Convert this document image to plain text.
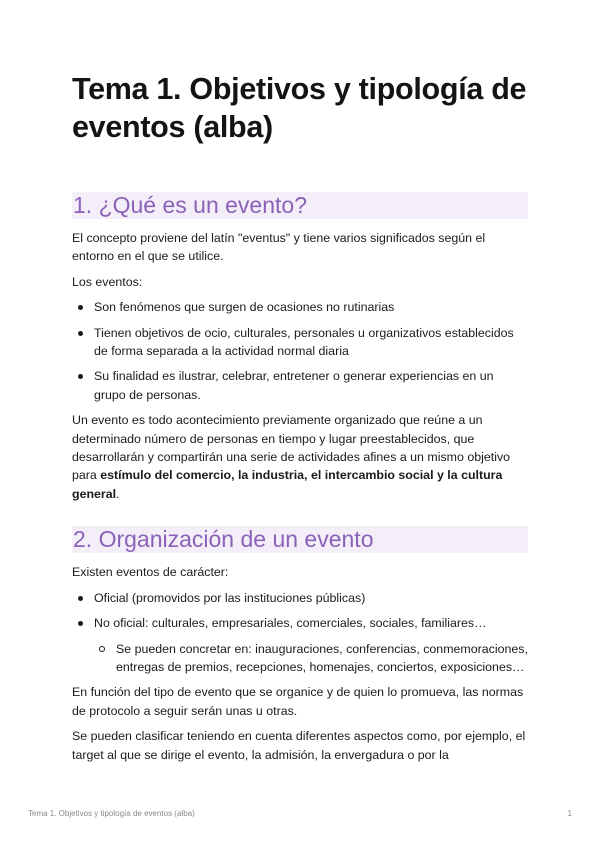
Tema 1. Objetivos y tipología de eventos (alba)
1. ¿Qué es un evento?

El concepto proviene del latín "eventus" y tiene varios significados según el entorno en el que se utilice.

Los eventos:

Son fenómenos que surgen de ocasiones no rutinarias
Tienen objetivos de ocio, culturales, personales u organizativos establecidos de forma separada a la actividad normal diaria
Su finalidad es ilustrar, celebrar, entretener o generar experiencias en un grupo de personas.

Un evento es todo acontecimiento previamente organizado que reúne a un determinado número de personas en tiempo y lugar preestablecidos, que desarrollarán y compartirán una serie de actividades afines a un mismo objetivo para estímulo del comercio, la industria, el intercambio social y la cultura general.

2. Organización de un evento

Existen eventos de carácter:

Oficial (promovidos por las instituciones públicas)
No oficial: culturales, empresariales, comerciales, sociales, familiares…
Se pueden concretar en: inauguraciones, conferencias, conmemoraciones, entregas de premios, recepciones, homenajes, conciertos, exposiciones…

En función del tipo de evento que se organice y de quien lo promueva, las normas de protocolo a seguir serán unas u otras.

Se pueden clasificar teniendo en cuenta diferentes aspectos como, por ejemplo, el target al que se dirige el evento, la admisión, la envergadura o por la

Tema 1. Objetivos y tipología de eventos (alba)	1
